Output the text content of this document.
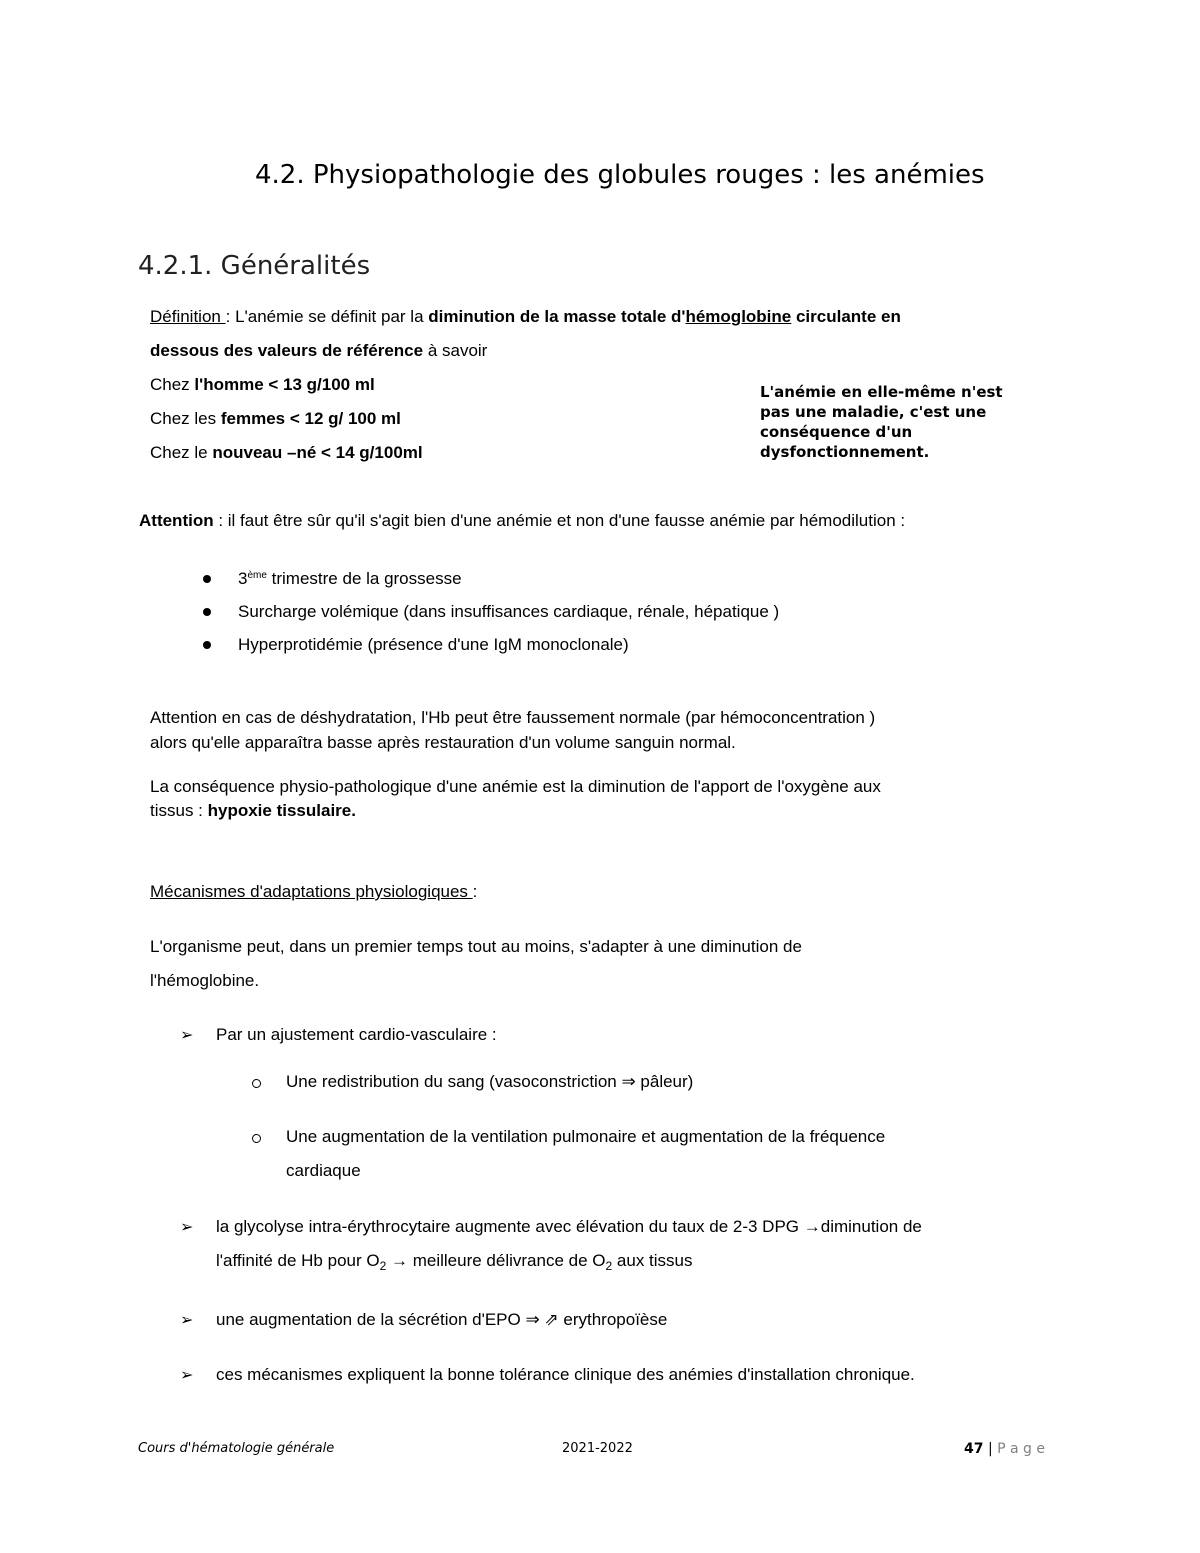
4.2. Physiopathologie des globules rouges : les anémies
4.2.1. Généralités
Définition : L'anémie se définit par la diminution de la masse totale d'hémoglobine circulante en
dessous des valeurs de référence à savoir
Chez l'homme < 13 g/100 ml
Chez les femmes < 12 g/ 100 ml
Chez le nouveau –né < 14 g/100ml
L'anémie en elle-même n'est
pas une maladie, c'est une
conséquence d'un
dysfonctionnement.
Attention : il faut être sûr qu'il s'agit bien d'une anémie et non d'une fausse anémie par hémodilution :
3ème trimestre de la grossesse
Surcharge volémique (dans insuffisances cardiaque, rénale, hépatique )
Hyperprotidémie (présence d'une IgM monoclonale)
Attention en cas de déshydratation, l'Hb peut être faussement normale (par hémoconcentration )
alors qu'elle apparaîtra basse après restauration d'un volume sanguin normal.
La conséquence physio-pathologique d'une anémie est la diminution de l'apport de l'oxygène aux
tissus : hypoxie tissulaire.
Mécanismes d'adaptations physiologiques :
L'organisme peut, dans un premier temps tout au moins, s'adapter à une diminution de
l'hémoglobine.
➢ Par un ajustement cardio-vasculaire :
Une redistribution du sang (vasoconstriction ⇒ pâleur)
Une augmentation de la ventilation pulmonaire et augmentation de la fréquence
cardiaque
➢ la glycolyse intra-érythrocytaire augmente avec élévation du taux de 2-3 DPG →diminution de
l'affinité de Hb pour $O_2$ → meilleure délivrance de $O_2$ aux tissus
➢ une augmentation de la sécrétion d'EPO ⇒ ⇗ erythropoïèse
➢ ces mécanismes expliquent la bonne tolérance clinique des anémies d'installation chronique.
Cours d'hématologie générale	2021-2022	47 | P a g e
